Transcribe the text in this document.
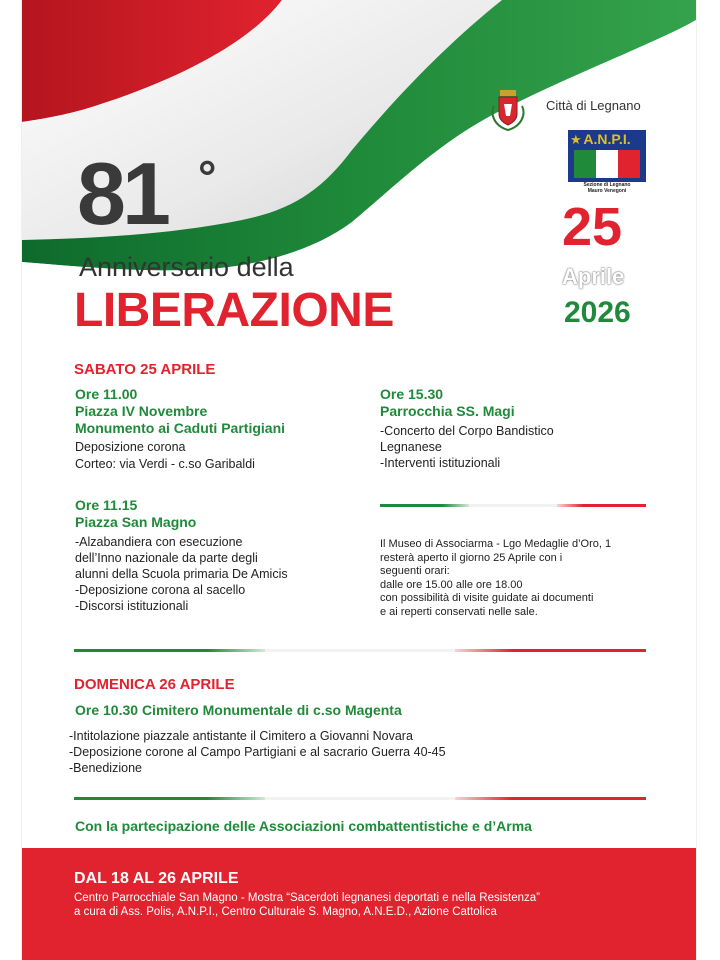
81 °
Anniversario della
LIBERAZIONE
Città di Legnano
A.N.P.I.
★
Sezione di Legnano
Mauro Venegoni
25
Aprile
2026
SABATO 25 APRILE
Ore 11.00
Piazza IV Novembre
Monumento ai Caduti Partigiani
Deposizione corona
Corteo: via Verdi - c.so Garibaldi
Ore 15.30
Parrocchia SS. Magi
-Concerto del Corpo Bandistico
Legnanese
-Interventi istituzionali
Ore 11.15
Piazza San Magno
-Alzabandiera con esecuzione
dell’Inno nazionale da parte degli
alunni della Scuola primaria De Amicis
-Deposizione corona al sacello
-Discorsi istituzionali
Il Museo di Associarma - Lgo Medaglie d’Oro, 1
resterà aperto il giorno 25 Aprile con i
seguenti orari:
dalle ore 15.00 alle ore 18.00
con possibilità di visite guidate ai documenti
e ai reperti conservati nelle sale.
DOMENICA 26 APRILE
Ore 10.30 Cimitero Monumentale di c.so Magenta
-Intitolazione piazzale antistante il Cimitero a Giovanni Novara
-Deposizione corone al Campo Partigiani e al sacrario Guerra 40-45
-Benedizione
Con la partecipazione delle Associazioni combattentistiche e d’Arma
DAL 18 AL 26 APRILE
Centro Parrocchiale San Magno - Mostra “Sacerdoti legnanesi deportati e nella Resistenza”
a cura di Ass. Polis, A.N.P.I., Centro Culturale S. Magno, A.N.E.D., Azione Cattolica
